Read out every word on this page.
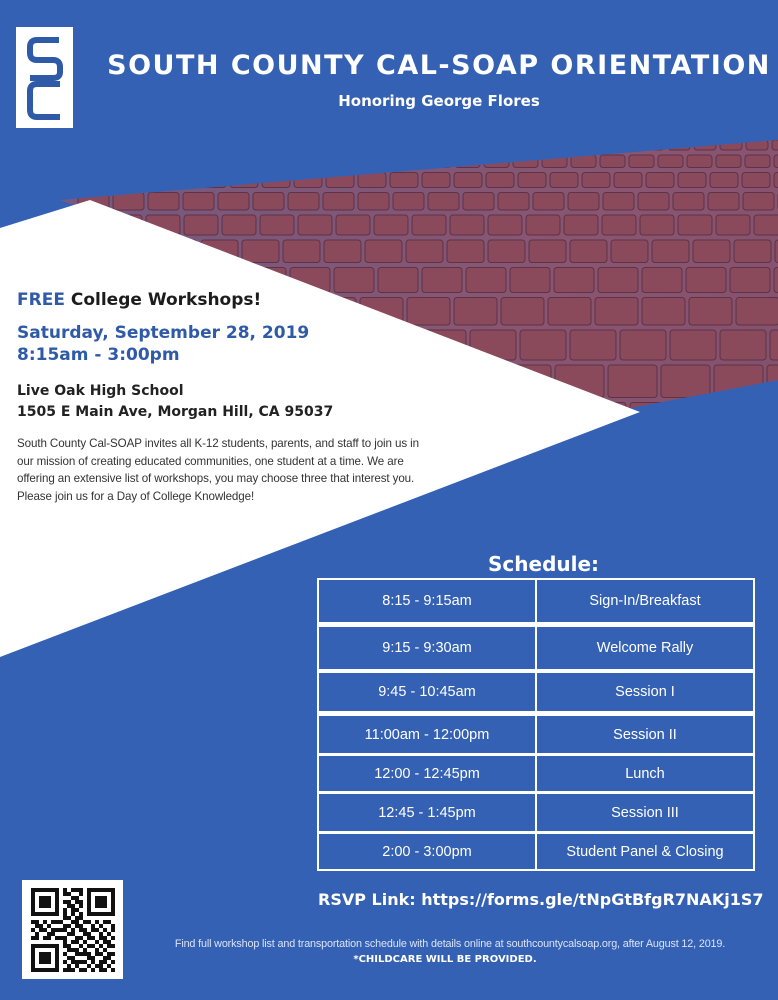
SOUTH COUNTY CAL-SOAP ORIENTATION
Honoring George Flores
FREE College Workshops!
Saturday, September 28, 2019
8:15am - 3:00pm
Live Oak High School
1505 E Main Ave, Morgan Hill, CA 95037
South County Cal-SOAP invites all K-12 students, parents, and staff to join us in our mission of creating educated communities, one student at a time. We are offering an extensive list of workshops, you may choose three that interest you. Please join us for a Day of College Knowledge!
Schedule:
8:15 - 9:15am	Sign-In/Breakfast
9:15 - 9:30am	Welcome Rally
9:45 - 10:45am	Session I
11:00am - 12:00pm	Session II
12:00 - 12:45pm	Lunch
12:45 - 1:45pm	Session III
2:00 - 3:00pm	Student Panel & Closing
RSVP Link: https://forms.gle/tNpGtBfgR7NAKj1S7
Find full workshop list and transportation schedule with details online at southcountycalsoap.org, after August 12, 2019.
*CHILDCARE WILL BE PROVIDED.
